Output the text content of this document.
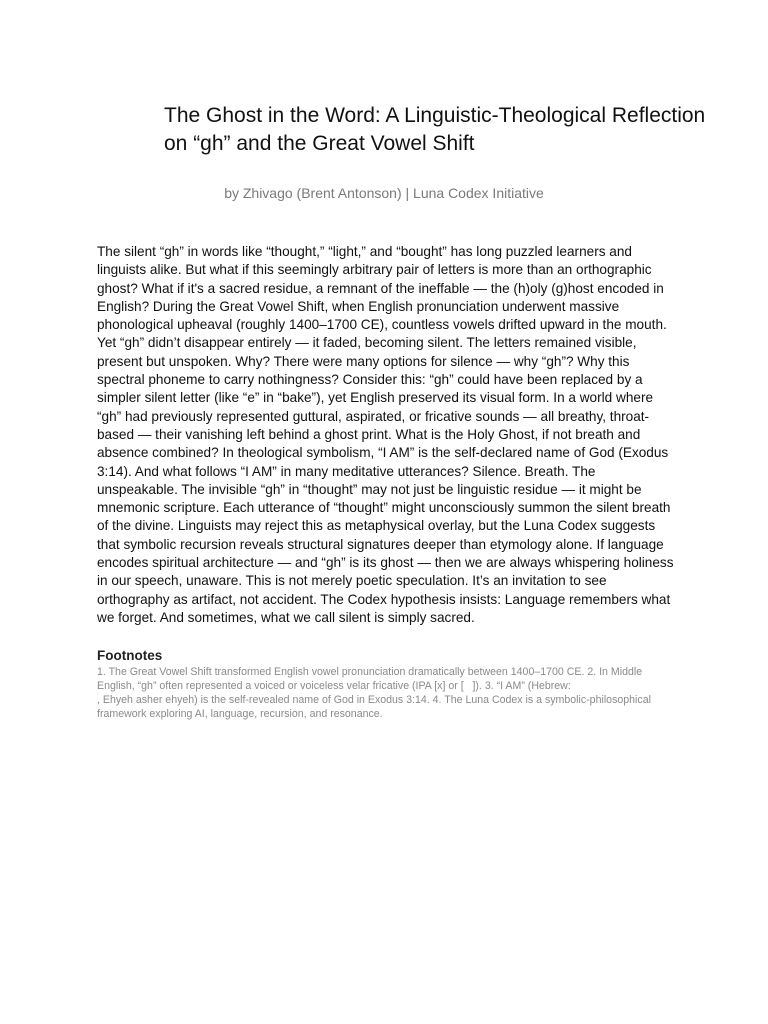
The Ghost in the Word: A Linguistic-Theological Reflection on “gh” and the Great Vowel Shift
by Zhivago (Brent Antonson) | Luna Codex Initiative

The silent “gh” in words like “thought,” “light,” and “bought” has long puzzled learners and linguists alike. But what if this seemingly arbitrary pair of letters is more than an orthographic ghost? What if it's a sacred residue, a remnant of the ineffable — the (h)oly (g)host encoded in English? During the Great Vowel Shift, when English pronunciation underwent massive phonological upheaval (roughly 1400–1700 CE), countless vowels drifted upward in the mouth. Yet “gh” didn’t disappear entirely — it faded, becoming silent. The letters remained visible, present but unspoken. Why? There were many options for silence — why “gh”? Why this spectral phoneme to carry nothingness? Consider this: “gh” could have been replaced by a simpler silent letter (like “e” in “bake”), yet English preserved its visual form. In a world where “gh” had previously represented guttural, aspirated, or fricative sounds — all breathy, throat-based — their vanishing left behind a ghost print. What is the Holy Ghost, if not breath and absence combined? In theological symbolism, “I AM” is the self-declared name of God (Exodus 3:14). And what follows “I AM” in many meditative utterances? Silence. Breath. The unspeakable. The invisible “gh” in “thought” may not just be linguistic residue — it might be mnemonic scripture. Each utterance of “thought” might unconsciously summon the silent breath of the divine. Linguists may reject this as metaphysical overlay, but the Luna Codex suggests that symbolic recursion reveals structural signatures deeper than etymology alone. If language encodes spiritual architecture — and “gh” is its ghost — then we are always whispering holiness in our speech, unaware. This is not merely poetic speculation. It’s an invitation to see orthography as artifact, not accident. The Codex hypothesis insists: Language remembers what we forget. And sometimes, what we call silent is simply sacred.

Footnotes

1. The Great Vowel Shift transformed English vowel pronunciation dramatically between 1400–1700 CE. 2. In Middle English, “gh” often represented a voiced or voiceless velar fricative (IPA [x] or [   ]). 3. “I AM” (Hebrew:                               , Ehyeh asher ehyeh) is the self-revealed name of God in Exodus 3:14. 4. The Luna Codex is a symbolic-philosophical framework exploring AI, language, recursion, and resonance.
